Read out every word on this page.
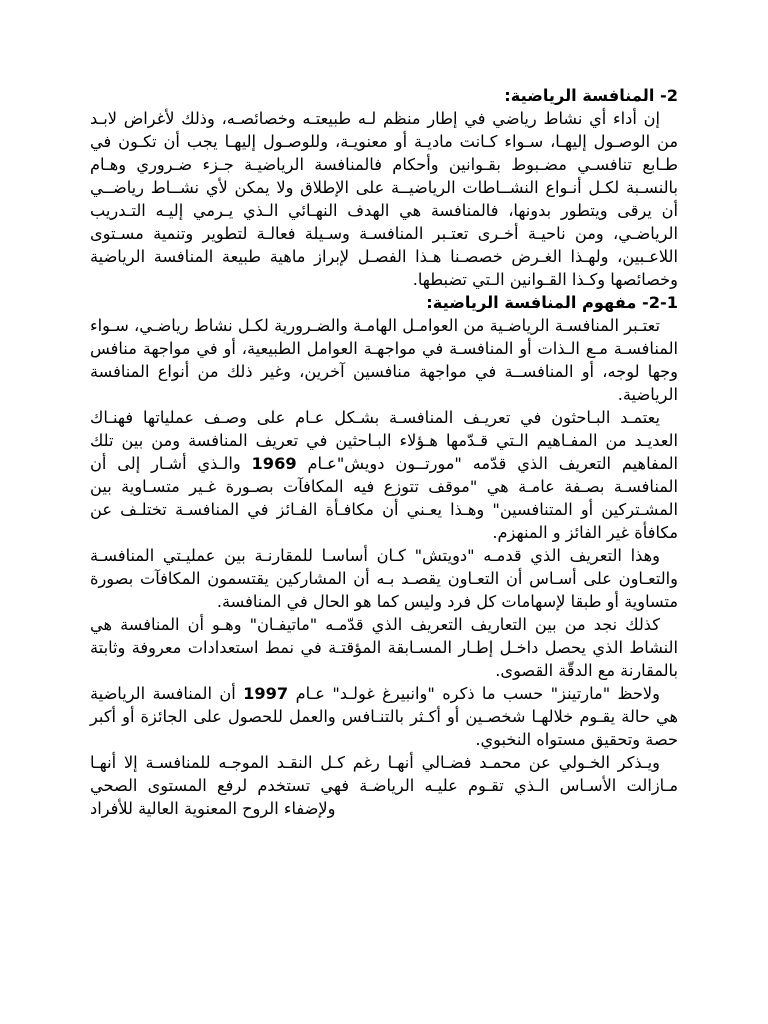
2- المنافسة الرياضية:

إن أداء أي نشاط رياضي في إطار منظم لـه طبيعتـه وخصائصـه، وذلك لأغراض لابـد من الوصـول إليهـا، سـواء كـانت ماديـة أو معنويـة، وللوصـول إليهـا يجب أن تكـون في طـابع تنافسـي مضـبوط بقـوانين وأحكام فالمنافسة الرياضيـة جـزء ضـروري وهـام بالنسـبة لكـل أنـواع النشــاطات الرياضيــة على الإطلاق ولا يمكن لأي نشــاط رياضــي أن يرقى ويتطور بدونها، فالمنافسة هي الهدف النهـائي الـذي يـرمي إليـه التـدريب الرياضـي، ومن ناحيـة أخـرى تعتـبر المنافسـة وسـيلة فعالـة لتطوير وتنمية مسـتوى اللاعـبين، ولهـذا الغـرض خصصـنا هـذا الفصـل لإبراز ماهية طبيعة المنافسة الرياضية وخصائصها وكـذا القـوانين الـتي تضبطها.

2-1- مفهوم المنافسة الرياضية:

تعتـبر المنافسـة الرياضـية من العوامـل الهامـة والضـرورية لكـل نشاط رياضـي، سـواء المنافسـة مـع الـذات أو المنافسـة في مواجهـة العوامل الطبيعية، أو في مواجهة منافس وجها لوجه، أو المنافســة في مواجهة منافسين آخرين، وغير ذلك من أنواع المنافسة الرياضية.

يعتمـد البـاحثون في تعريـف المنافسـة بشـكل عـام على وصـف عملياتها فهنـاك العديـد من المفـاهيم الـتي قـدّمها هـؤلاء البـاحثين في تعريف المنافسة ومن بين تلك المفاهيم التعريف الذي قدّمه "مورتــون دويش"عـام 1969 والـذي أشـار إلى أن المنافسـة بصـفة عامـة هي "موقف تتوزع فيه المكافآت بصـورة غـير متسـاوية بين المشـتركين أو المتنافسين" وهـذا يعـني أن مكافـأة الفـائز في المنافسـة تختلـف عن مكافأة غير الفائز و المنهزم.

وهذا التعريف الذي قدمـه "دويتش" كـان أساسـا للمقارنـة بين عمليـتي المنافسـة والتعـاون على أسـاس أن التعـاون يقصـد بـه أن المشاركين يقتسمون المكافآت بصورة متساوية أو طبقا لإسهامات كل فرد وليس كما هو الحال في المنافسة.

كذلك نجد من بين التعاريف التعريف الذي قدّمـه "ماتيفـان" وهـو أن المنافسة هي النشاط الذي يحصل داخـل إطـار المسـابقة المؤقتـة في نمط استعدادات معروفة وثابتة بالمقارنة مع الدقّة القصوى.

ولاحظ "مارتينز" حسب ما ذكره "وانبيرغ غولـد" عـام 1997 أن المنافسة الرياضية هي حالة يقـوم خلالهـا شخصـين أو أكـثر بالتنـافس والعمل للحصول على الجائزة أو أكبر حصة وتحقيق مستواه النخبوي.

ويـذكر الخـولي عن محمـد فضـالي أنهـا رغم كـل النقـد الموجـه للمنافسـة إلا أنهـا مـازالت الأسـاس الـذي تقـوم عليـه الرياضـة فهي تستخدم لرفع المستوى الصحي ولإضفاء الروح المعنوية العالية للأفراد
